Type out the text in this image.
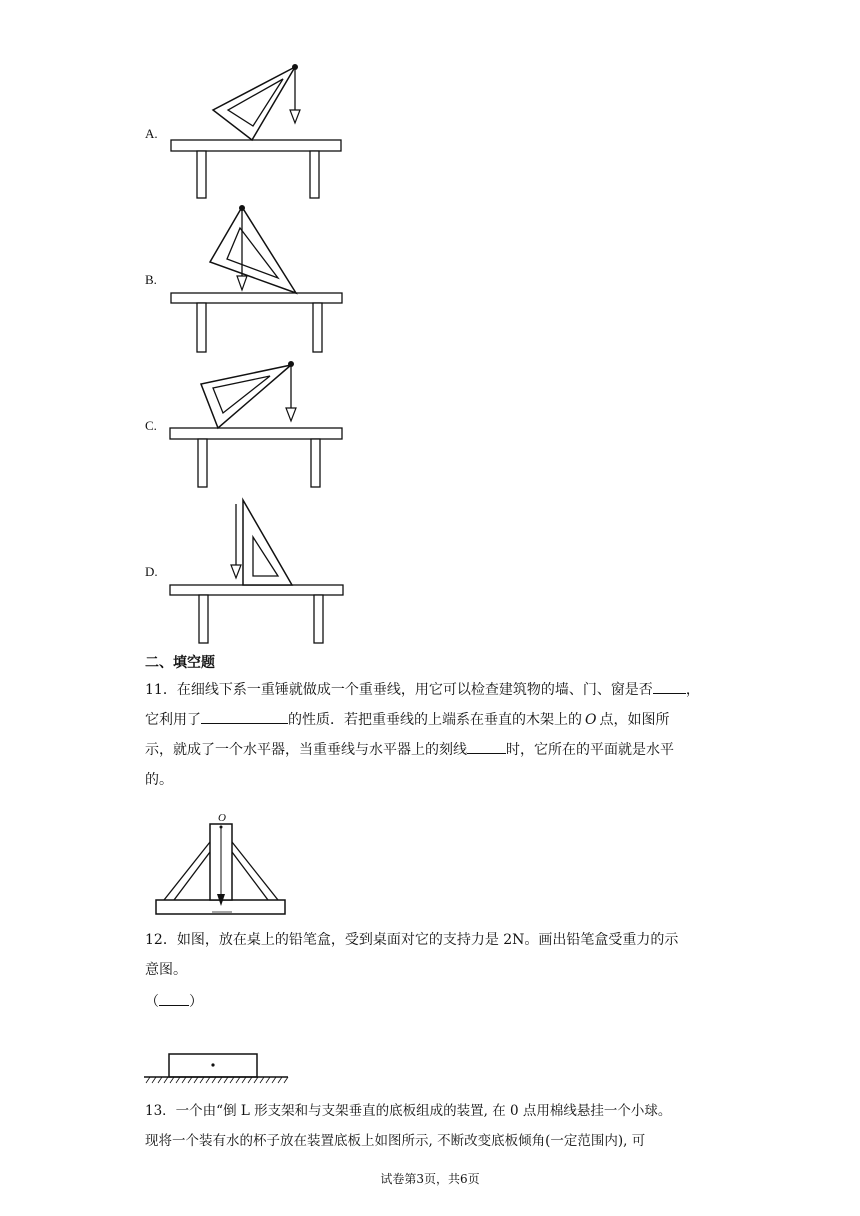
A.
B.
C.
D.
二、填空题
11．在细线下系一重锤就做成一个重垂线，用它可以检查建筑物的墙、门、窗是否 ，
它利用了	的性质．若把重垂线的上端系在垂直的木架上的 O 点，如图所
示，就成了一个水平器，当重垂线与水平器上的刻线	时，它所在的平面就是水平
的。
O
12．如图，放在桌上的铅笔盒，受到桌面对它的支持力是 2N。画出铅笔盒受重力的示
意图。
（ ）
13．一个由“倒 L 形支架和与支架垂直的底板组成的装置, 在 0 点用棉线悬挂一个小球。
现将一个装有水的杯子放在装置底板上如图所示, 不断改变底板倾角(一定范围内), 可
试卷第3页，共6页
